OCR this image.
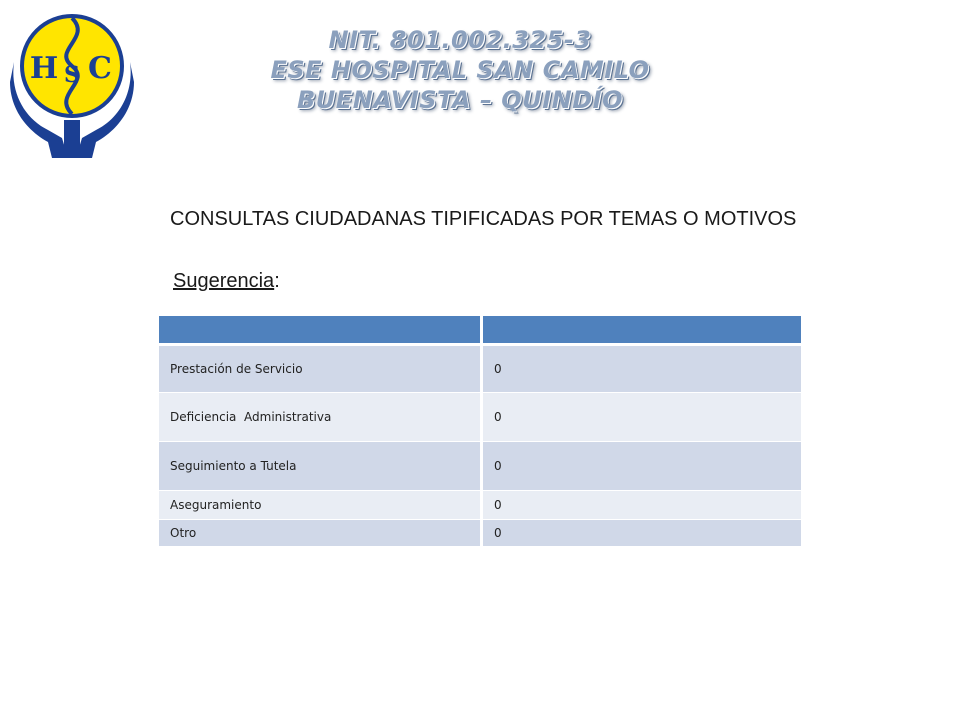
H S C
NIT. 801.002.325-3
ESE HOSPITAL SAN CAMILO
BUENAVISTA – QUINDÍO
CONSULTAS CIUDADANAS TIPIFICADAS POR TEMAS O MOTIVOS
Sugerencia:

Prestación de Servicio	0
Deficiencia  Administrativa	0
Seguimiento a Tutela	0
Aseguramiento	0
Otro	0
